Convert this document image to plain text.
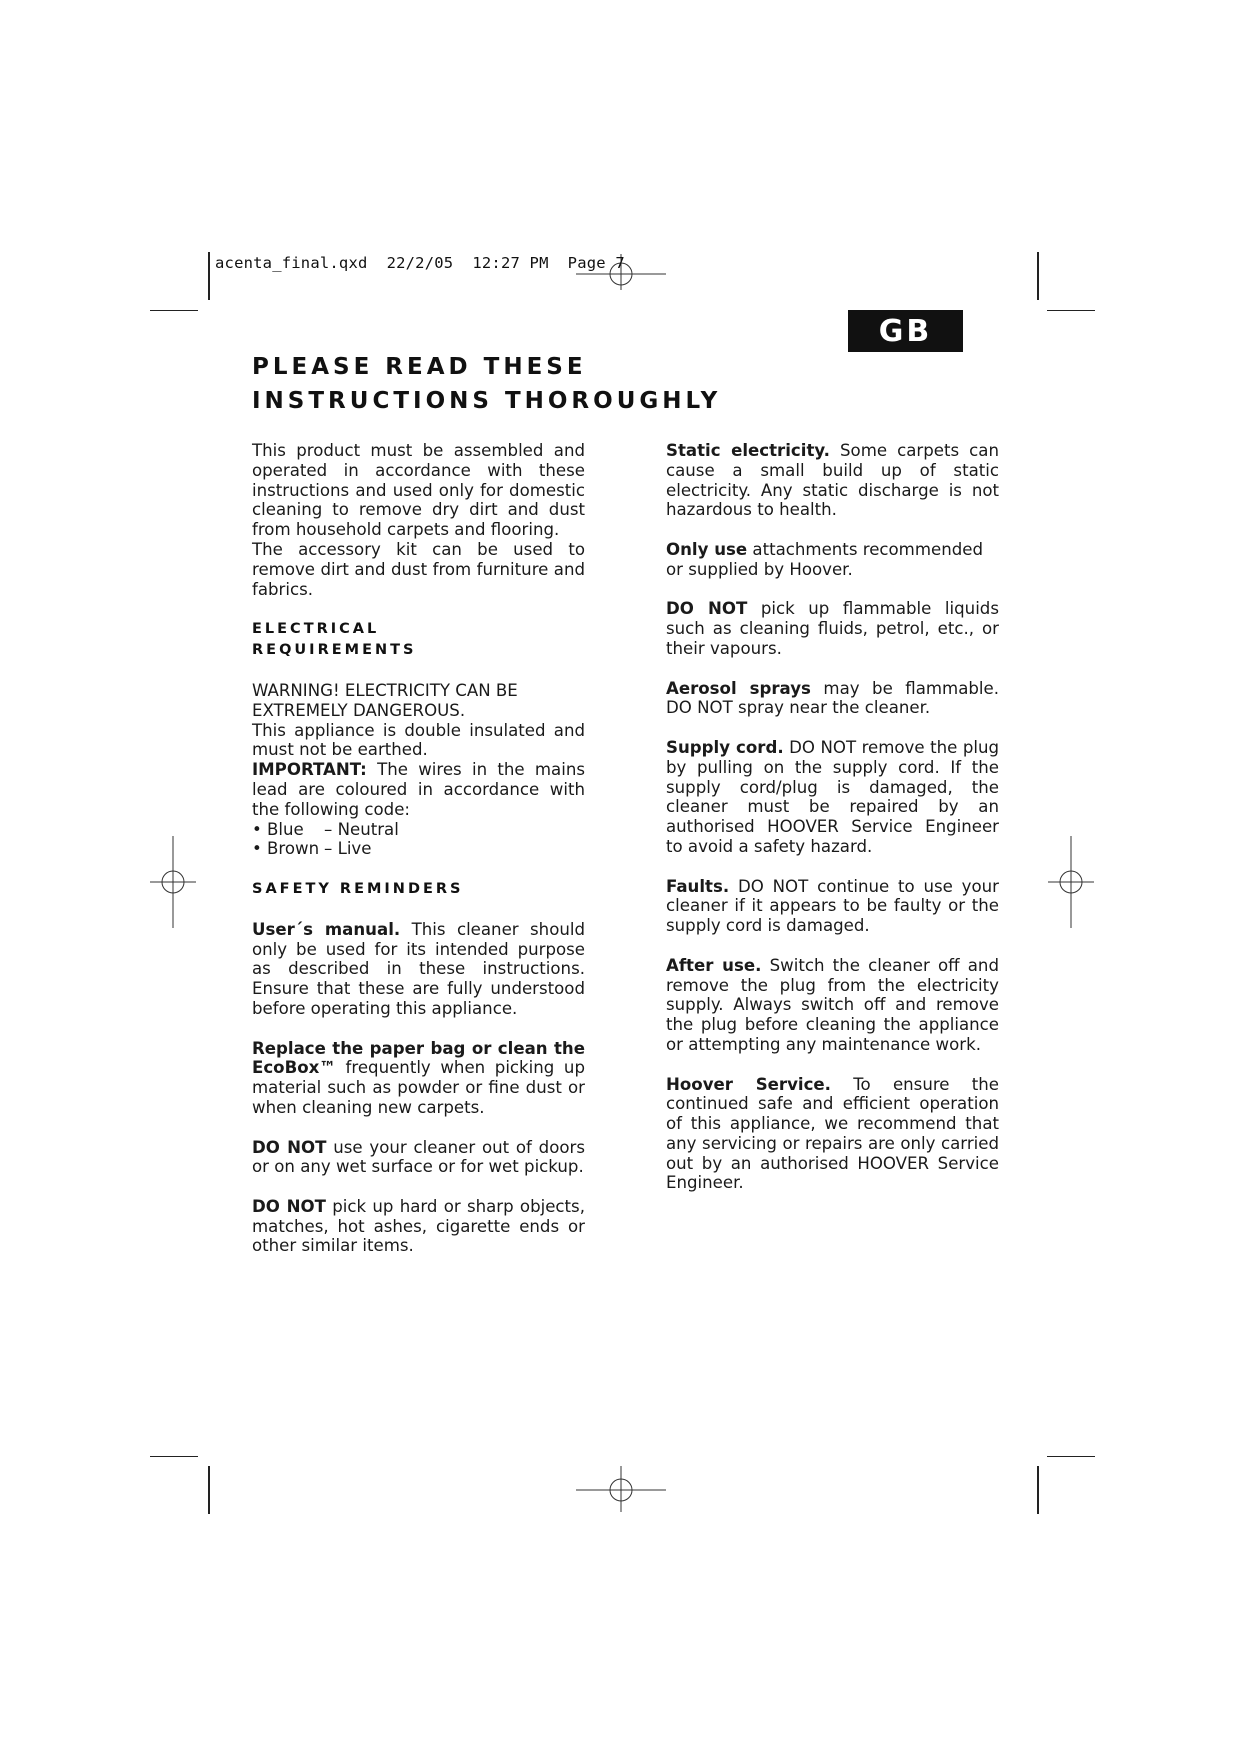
acenta_final.qxd  22/2/05  12:27 PM  Page 7
GB
PLEASE READ THESE
INSTRUCTIONS THOROUGHLY

This product must be assembled and operated in accordance with these instructions and used only for domestic cleaning to remove dry dirt and dust from household carpets and flooring.

The accessory kit can be used to remove dirt and dust from furniture and fabrics.

ELECTRICAL
REQUIREMENTS
WARNING! ELECTRICITY CAN BE
EXTREMELY DANGEROUS.

This appliance is double insulated and must not be earthed.

IMPORTANT: The wires in the mains lead are coloured in accordance with the following code:

• Blue	– Neutral
• Brown – Live
SAFETY REMINDERS

User´s manual. This cleaner should only be used for its intended purpose as described in these instructions. Ensure that these are fully understood before operating this appliance.

Replace the paper bag or clean the EcoBox™ frequently when picking up material such as powder or fine dust or when cleaning new carpets.

DO NOT use your cleaner out of doors or on any wet surface or for wet pickup.

DO NOT pick up hard or sharp objects, matches, hot ashes, cigarette ends or other similar items.

Static electricity. Some carpets can cause a small build up of static electricity. Any static discharge is not hazardous to health.

Only use attachments recommended or supplied by Hoover.

DO NOT pick up flammable liquids such as cleaning fluids, petrol, etc., or their vapours.

Aerosol sprays may be flammable. DO NOT spray near the cleaner.

Supply cord. DO NOT remove the plug by pulling on the supply cord. If the supply cord/plug is damaged, the cleaner must be repaired by an authorised HOOVER Service Engineer to avoid a safety hazard.

Faults. DO NOT continue to use your cleaner if it appears to be faulty or the supply cord is damaged.

After use. Switch the cleaner off and remove the plug from the electricity supply. Always switch off and remove the plug before cleaning the appliance or attempting any maintenance work.

Hoover Service. To ensure the continued safe and efficient operation of this appliance, we recommend that any servicing or repairs are only carried out by an authorised HOOVER Service Engineer.
